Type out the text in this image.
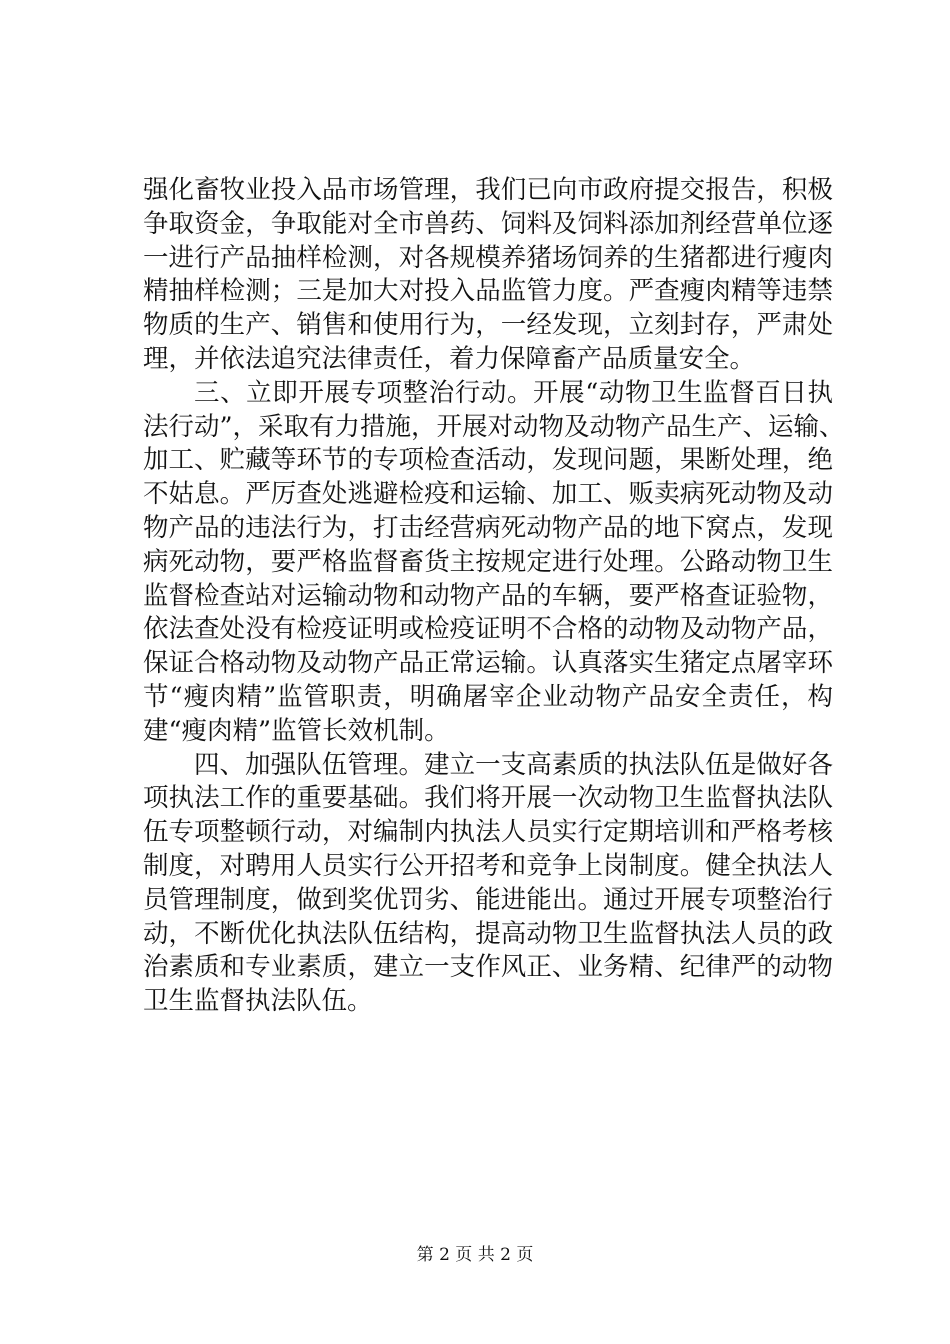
强化畜牧业投入品市场管理，我们已向市政府提交报告，积极
争取资金，争取能对全市兽药、饲料及饲料添加剂经营单位逐
一进行产品抽样检测，对各规模养猪场饲养的生猪都进行瘦肉
精抽样检测；三是加大对投入品监管力度。严查瘦肉精等违禁
物质的生产、销售和使用行为，一经发现，立刻封存，严肃处
理，并依法追究法律责任，着力保障畜产品质量安全。
三、立即开展专项整治行动。开展“动物卫生监督百日执
法行动”，采取有力措施，开展对动物及动物产品生产、运输、
加工、贮藏等环节的专项检查活动，发现问题，果断处理，绝
不姑息。严厉查处逃避检疫和运输、加工、贩卖病死动物及动
物产品的违法行为，打击经营病死动物产品的地下窝点，发现
病死动物，要严格监督畜货主按规定进行处理。公路动物卫生
监督检查站对运输动物和动物产品的车辆，要严格查证验物，
依法查处没有检疫证明或检疫证明不合格的动物及动物产品，
保证合格动物及动物产品正常运输。认真落实生猪定点屠宰环
节“瘦肉精”监管职责，明确屠宰企业动物产品安全责任，构
建“瘦肉精”监管长效机制。
四、加强队伍管理。建立一支高素质的执法队伍是做好各
项执法工作的重要基础。我们将开展一次动物卫生监督执法队
伍专项整顿行动，对编制内执法人员实行定期培训和严格考核
制度，对聘用人员实行公开招考和竞争上岗制度。健全执法人
员管理制度，做到奖优罚劣、能进能出。通过开展专项整治行
动，不断优化执法队伍结构，提高动物卫生监督执法人员的政
治素质和专业素质，建立一支作风正、业务精、纪律严的动物
卫生监督执法队伍。
第 2 页 共 2 页
